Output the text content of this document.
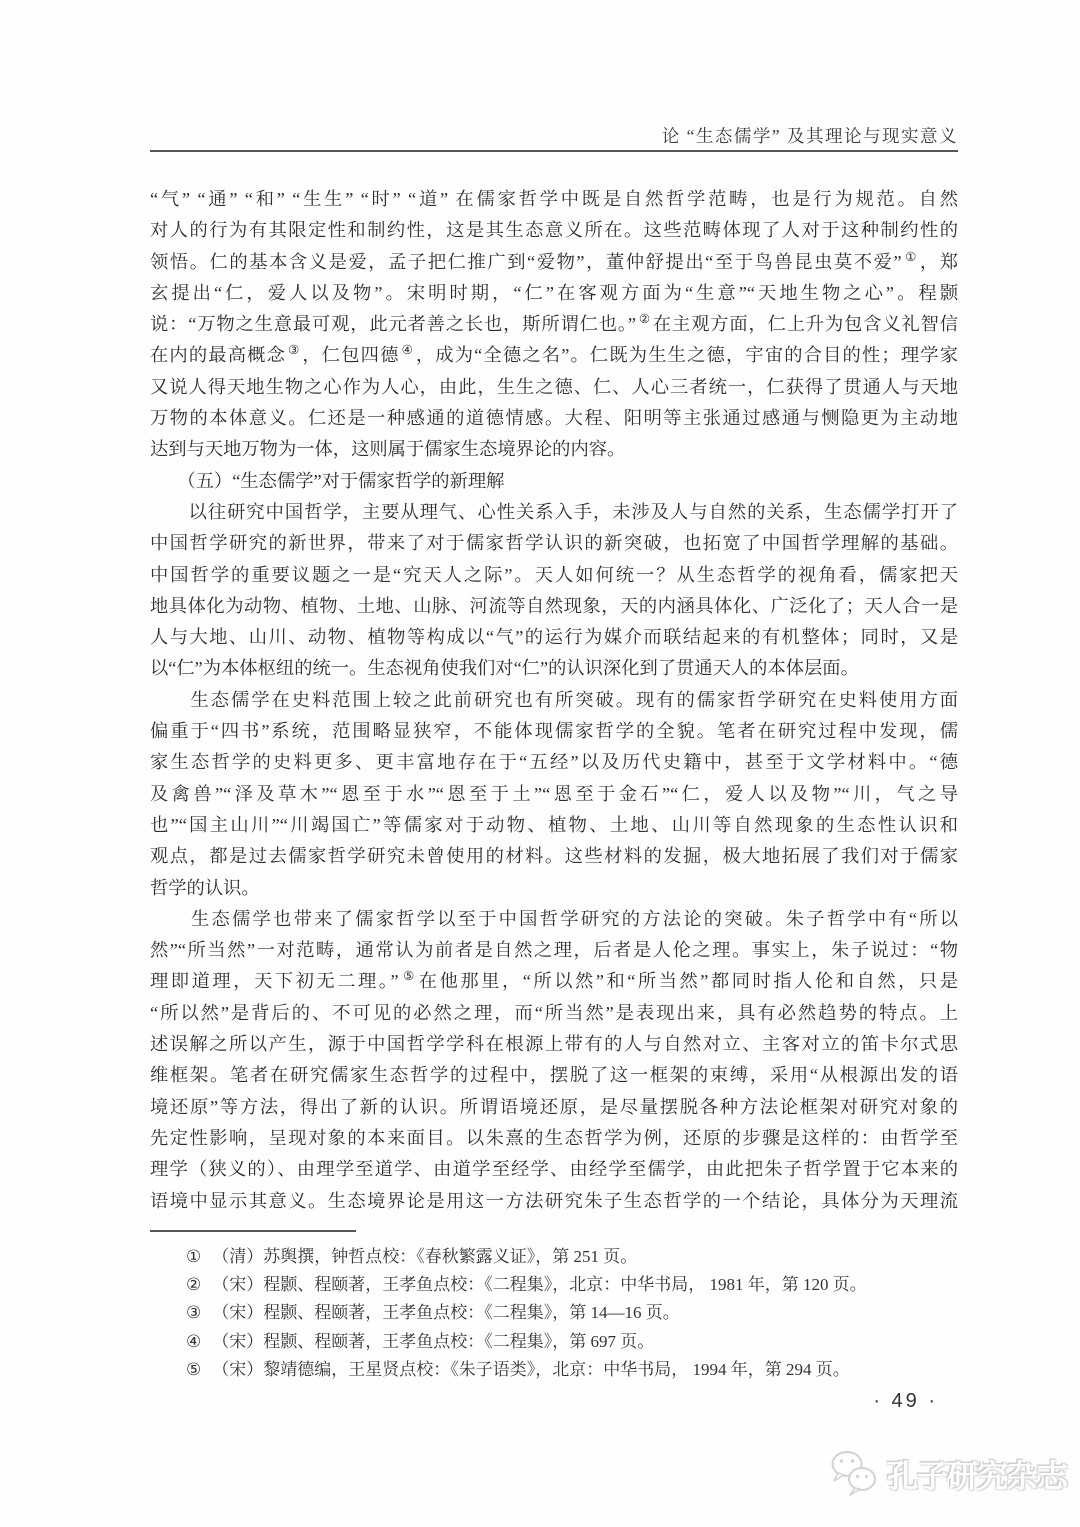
论 “生态儒学” 及其理论与现实意义
“气” “通” “和” “生生” “时” “道” 在儒家哲学中既是自然哲学范畴，也是行为规范。自然
对人的行为有其限定性和制约性，这是其生态意义所在。这些范畴体现了人对于这种制约性的
领悟。仁的基本含义是爱，孟子把仁推广到“爱物”，董仲舒提出“至于鸟兽昆虫莫不爱” ① ，郑
玄提出“仁，爱人以及物”。宋明时期，“仁”在客观方面为“生意”“天地生物之心”。程颢
说：“万物之生意最可观，此元者善之长也，斯所谓仁也。” ② 在主观方面，仁上升为包含义礼智信
在内的最高概念 ③ ，仁包四德 ④ ，成为“全德之名”。仁既为生生之德，宇宙的合目的性；理学家
又说人得天地生物之心作为人心，由此，生生之德、仁、人心三者统一，仁获得了贯通人与天地
万物的本体意义。仁还是一种感通的道德情感。大程、阳明等主张通过感通与恻隐更为主动地
达到与天地万物为一体，这则属于儒家生态境界论的内容。
　　（五）“生态儒学”对于儒家哲学的新理解
　　以往研究中国哲学，主要从理气、心性关系入手，未涉及人与自然的关系，生态儒学打开了
中国哲学研究的新世界，带来了对于儒家哲学认识的新突破，也拓宽了中国哲学理解的基础。
中国哲学的重要议题之一是“究天人之际”。天人如何统一？从生态哲学的视角看，儒家把天
地具体化为动物、植物、土地、山脉、河流等自然现象，天的内涵具体化、广泛化了；天人合一是
人与大地、山川、动物、植物等构成以“气”的运行为媒介而联结起来的有机整体；同时，又是
以“仁”为本体枢纽的统一。生态视角使我们对“仁”的认识深化到了贯通天人的本体层面。
　　生态儒学在史料范围上较之此前研究也有所突破。现有的儒家哲学研究在史料使用方面
偏重于“四书”系统，范围略显狭窄，不能体现儒家哲学的全貌。笔者在研究过程中发现，儒
家生态哲学的史料更多、更丰富地存在于“五经”以及历代史籍中，甚至于文学材料中。“德
及禽兽”“泽及草木”“恩至于水”“恩至于土”“恩至于金石”“仁，爱人以及物”“川，气之导
也”“国主山川”“川竭国亡”等儒家对于动物、植物、土地、山川等自然现象的生态性认识和
观点，都是过去儒家哲学研究未曾使用的材料。这些材料的发掘，极大地拓展了我们对于儒家
哲学的认识。
　　生态儒学也带来了儒家哲学以至于中国哲学研究的方法论的突破。朱子哲学中有“所以
然”“所当然”一对范畴，通常认为前者是自然之理，后者是人伦之理。事实上，朱子说过：“物
理即道理，天下初无二理。” ⑤ 在他那里，“所以然”和“所当然”都同时指人伦和自然，只是
“所以然”是背后的、不可见的必然之理，而“所当然”是表现出来，具有必然趋势的特点。上
述误解之所以产生，源于中国哲学学科在根源上带有的人与自然对立、主客对立的笛卡尔式思
维框架。笔者在研究儒家生态哲学的过程中，摆脱了这一框架的束缚，采用“从根源出发的语
境还原”等方法，得出了新的认识。所谓语境还原，是尽量摆脱各种方法论框架对研究对象的
先定性影响，呈现对象的本来面目。以朱熹的生态哲学为例，还原的步骤是这样的：由哲学至
理学（狭义的）、由理学至道学、由道学至经学、由经学至儒学，由此把朱子哲学置于它本来的
语境中显示其意义。生态境界论是用这一方法研究朱子生态哲学的一个结论，具体分为天理流
① （清）苏舆撰，钟哲点校：《春秋繁露义证》，第 251 页。
② （宋）程颢、程颐著，王孝鱼点校：《二程集》，北京：中华书局， 1981 年，第 120 页。
③ （宋）程颢、程颐著，王孝鱼点校：《二程集》，第 14—16 页。
④ （宋）程颢、程颐著，王孝鱼点校：《二程集》，第 697 页。
⑤ （宋）黎靖德编，王星贤点校：《朱子语类》，北京：中华书局， 1994 年，第 294 页。
· 49 ·
孔子研究杂志
